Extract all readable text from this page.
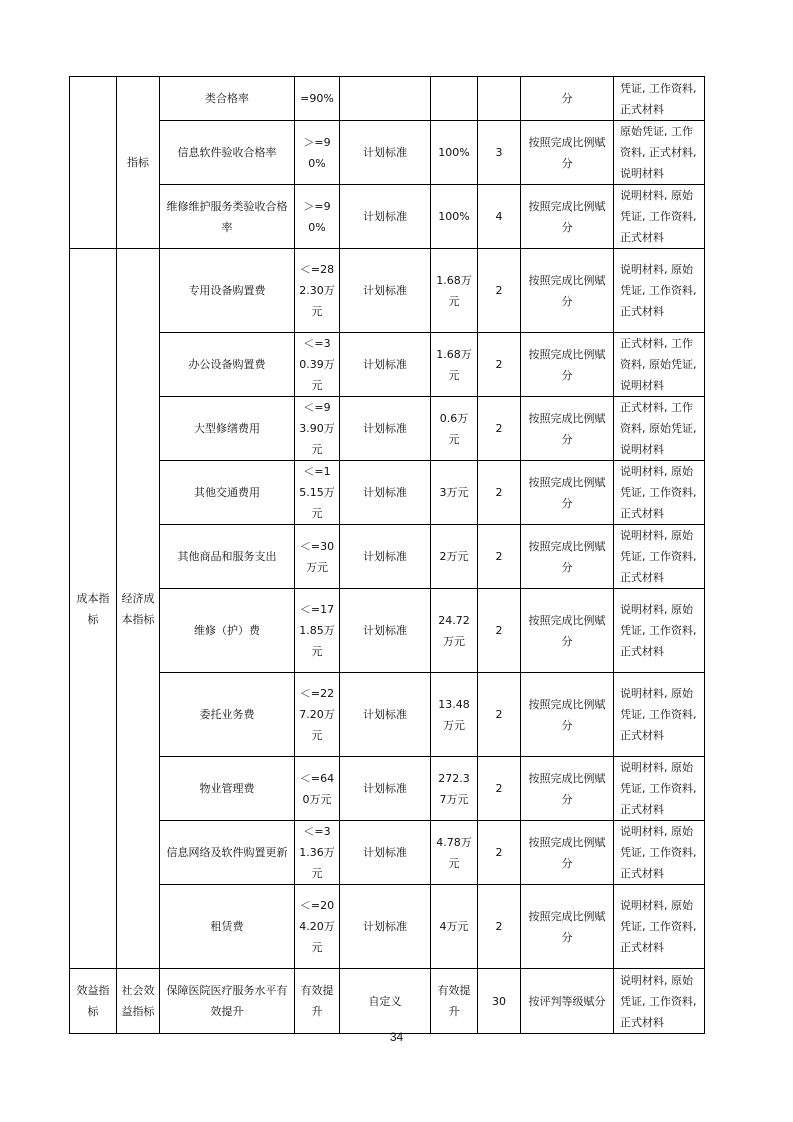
	指标	类合格率	=90%				分	凭证, 工作资料, 正式材料
		信息软件验收合格率	＞=90%	计划标准	100%	3	按照完成比例赋分	原始凭证, 工作资料, 正式材料, 说明材料
		维修维护服务类验收合格率	＞=90%	计划标准	100%	4	按照完成比例赋分	说明材料, 原始凭证, 工作资料, 正式材料
成本指标	经济成本指标	专用设备购置费	＜=282.30万元	计划标准	1.68万元	2	按照完成比例赋分	说明材料, 原始凭证, 工作资料, 正式材料
		办公设备购置费	＜=30.39万元	计划标准	1.68万元	2	按照完成比例赋分	正式材料, 工作资料, 原始凭证, 说明材料
		大型修缮费用	＜=93.90万元	计划标准	0.6万元	2	按照完成比例赋分	正式材料, 工作资料, 原始凭证, 说明材料
		其他交通费用	＜=15.15万元	计划标准	3万元	2	按照完成比例赋分	说明材料, 原始凭证, 工作资料, 正式材料
		其他商品和服务支出	＜=30万元	计划标准	2万元	2	按照完成比例赋分	说明材料, 原始凭证, 工作资料, 正式材料
		维修（护）费	＜=171.85万元	计划标准	24.72万元	2	按照完成比例赋分	说明材料, 原始凭证, 工作资料, 正式材料
		委托业务费	＜=227.20万元	计划标准	13.48万元	2	按照完成比例赋分	说明材料, 原始凭证, 工作资料, 正式材料
		物业管理费	＜=640万元	计划标准	272.37万元	2	按照完成比例赋分	说明材料, 原始凭证, 工作资料, 正式材料
		信息网络及软件购置更新	＜=31.36万元	计划标准	4.78万元	2	按照完成比例赋分	说明材料, 原始凭证, 工作资料, 正式材料
		租赁费	＜=204.20万元	计划标准	4万元	2	按照完成比例赋分	说明材料, 原始凭证, 工作资料, 正式材料
效益指标	社会效益指标	保障医院医疗服务水平有效提升	有效提升	自定义	有效提升	30	按评判等级赋分	说明材料, 原始凭证, 工作资料, 正式材料
34
